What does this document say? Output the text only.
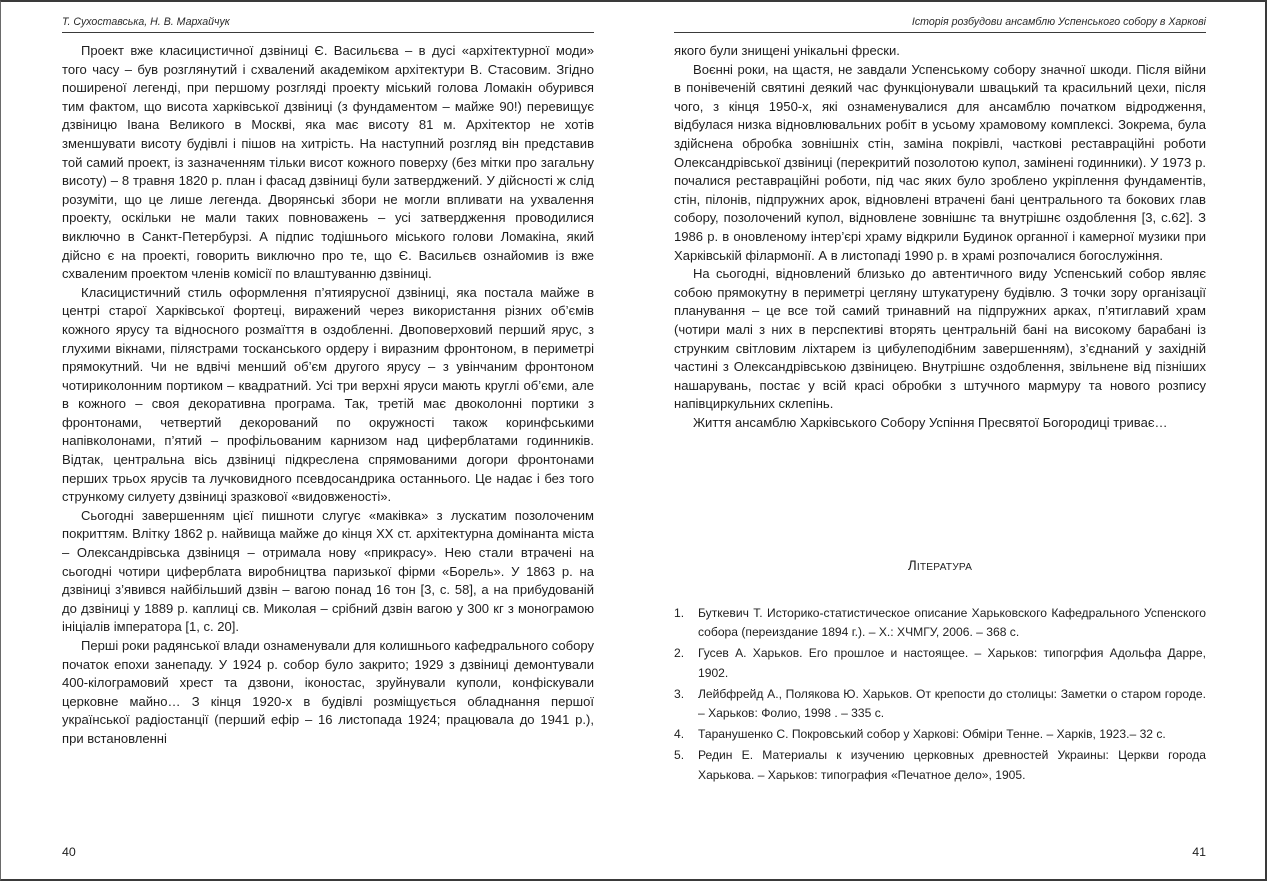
Т. Сухоставська, Н. В. Мархайчук

Проект вже класицистичної дзвіниці Є. Васильєва – в дусі «архітектурної моди» того часу – був розглянутий і схвалений академіком архітектури В. Стасовим. Згідно поширеної легенді, при першому розгляді проекту міський голова Ломакін обурився тим фактом, що висота харківської дзвіниці (з фундаментом – майже 90!) перевищує дзвіницю Івана Великого в Москві, яка має висоту 81 м. Архітектор не хотів зменшувати висоту будівлі і пішов на хитрість. На наступний розгляд він представив той самий проект, із зазначенням тільки висот кожного поверху (без мітки про загальну висоту) – 8 травня 1820 р. план і фасад дзвіниці були затверджений. У дійсності ж слід розуміти, що це лише легенда. Дворянські збори не могли впливати на ухвалення проекту, оскільки не мали таких повноважень – усі затвердження проводилися виключно в Санкт-Петербурзі. А підпис тодішнього міського голови Ломакіна, який дійсно є на проекті, говорить виключно про те, що Є. Васильєв ознайомив із вже схваленим проектом членів комісії по влаштуванню дзвіниці.

Класицистичний стиль оформлення п’ятиярусної дзвіниці, яка постала майже в центрі старої Харківської фортеці, виражений через використання різних об’ємів кожного ярусу та відносного розмаїття в оздобленні. Двоповерховий перший ярус, з глухими вікнами, пілястрами тосканського ордеру і виразним фронтоном, в периметрі прямокутний. Чи не вдвічі менший об’єм другого ярусу – з увінчаним фронтоном чотириколонним портиком – квадратний. Усі три верхні яруси мають круглі об’єми, але в кожного – своя декоративна програма. Так, третій має двоколонні портики з фронтонами, четвертий декорований по окружності також коринфськими напівколонами, п’ятий – профільованим карнизом над циферблатами годинників. Відтак, центральна вісь дзвіниці підкреслена спрямованими догори фронтонами перших трьох ярусів та лучковидного псевдосандрика останнього. Це надає і без того стрункому силуету дзвіниці зразкової «видовженості».

Сьогодні завершенням цієї пишноти слугує «маківка» з лускатим позолоченим покриттям. Влітку 1862 р. найвища майже до кінця ХХ ст. архітектурна домінанта міста – Олександрівська дзвіниця – отримала нову «прикрасу». Нею стали втрачені на сьогодні чотири циферблата виробництва паризької фірми «Борель». У 1863 р. на дзвіниці з’явився найбільший дзвін – вагою понад 16 тон [3, с. 58], а на прибудованій до дзвіниці у 1889 р. каплиці св. Миколая – срібний дзвін вагою у 300 кг з монограмою ініціалів імператора [1, с. 20].

Перші роки радянської влади ознаменували для колишнього кафедрального собору початок епохи занепаду. У 1924 р. собор було закрито; 1929 з дзвіниці демонтували 400-кілограмовий хрест та дзвони, іконостас, зруйнували куполи, конфіскували церковне майно… З кінця 1920-х в будівлі розміщується обладнання першої української радіостанції (перший ефір – 16 листопада 1924; працювала до 1941 р.), при встановленні

40
Історія розбудови ансамблю Успенського собору в Харкові

якого були знищені унікальні фрески.

Воєнні роки, на щастя, не завдали Успенському собору значної шкоди. Після війни в понівеченій святині деякий час функціонували швацький та красильний цехи, після чого, з кінця 1950-х, які ознаменувалися для ансамблю початком відродження, відбулася низка відновлювальних робіт в усьому храмовому комплексі. Зокрема, була здійснена обробка зовнішніх стін, заміна покрівлі, часткові реставраційні роботи Олександрівської дзвіниці (перекритий позолотою купол, замінені годинники). У 1973 р. почалися реставраційні роботи, під час яких було зроблено укріплення фундаментів, стін, пілонів, підпружних арок, відновлені втрачені бані центрального та бокових глав собору, позолочений купол, відновлене зовнішнє та внутрішнє оздоблення [3, с.62]. З 1986 р. в оновленому інтер’єрі храму відкрили Будинок органної і камерної музики при Харківській філармонії. А в листопаді 1990 р. в храмі розпочалися богослужіння.

На сьогодні, відновлений близько до автентичного виду Успенський собор являє собою прямокутну в периметрі цегляну штукатурену будівлю. З точки зору організації планування – це все той самий тринавний на підпружних арках, п’ятиглавий храм (чотири малі з них в перспективі вторять центральній бані на високому барабані із струнким світловим ліхтарем із цибулеподібним завершенням), з’єднаний у західній частині з Олександрівською дзвіницею. Внутрішнє оздоблення, звільнене від пізніших нашарувань, постає у всій красі обробки з штучного мармуру та нового розпису напівциркульних склепінь.

Життя ансамблю Харківського Собору Успіння Пресвятої Богородиці триває…

ЛІТЕРАТУРА
1. Буткевич Т. Историко-статистическое описание Харьковского Кафедрального Успенского собора (переиздание 1894 г.). – Х.: ХЧМГУ, 2006. – 368 с.
2. Гусев А. Харьков. Его прошлое и настоящее. – Харьков: типогрфия Адольфа Дарре, 1902.
3. Лейбфрейд А., Полякова Ю. Харьков. От крепости до столицы: Заметки о старом городе. – Харьков: Фолио, 1998 . – 335 с.
4. Таранушенко С. Покровський собор у Харкові: Обміри Тенне. – Харків, 1923.– 32 с.
5. Редин Е. Материалы к изучению церковных древностей Украины: Церкви города Харькова. – Харьков: типография «Печатное дело», 1905.
41
